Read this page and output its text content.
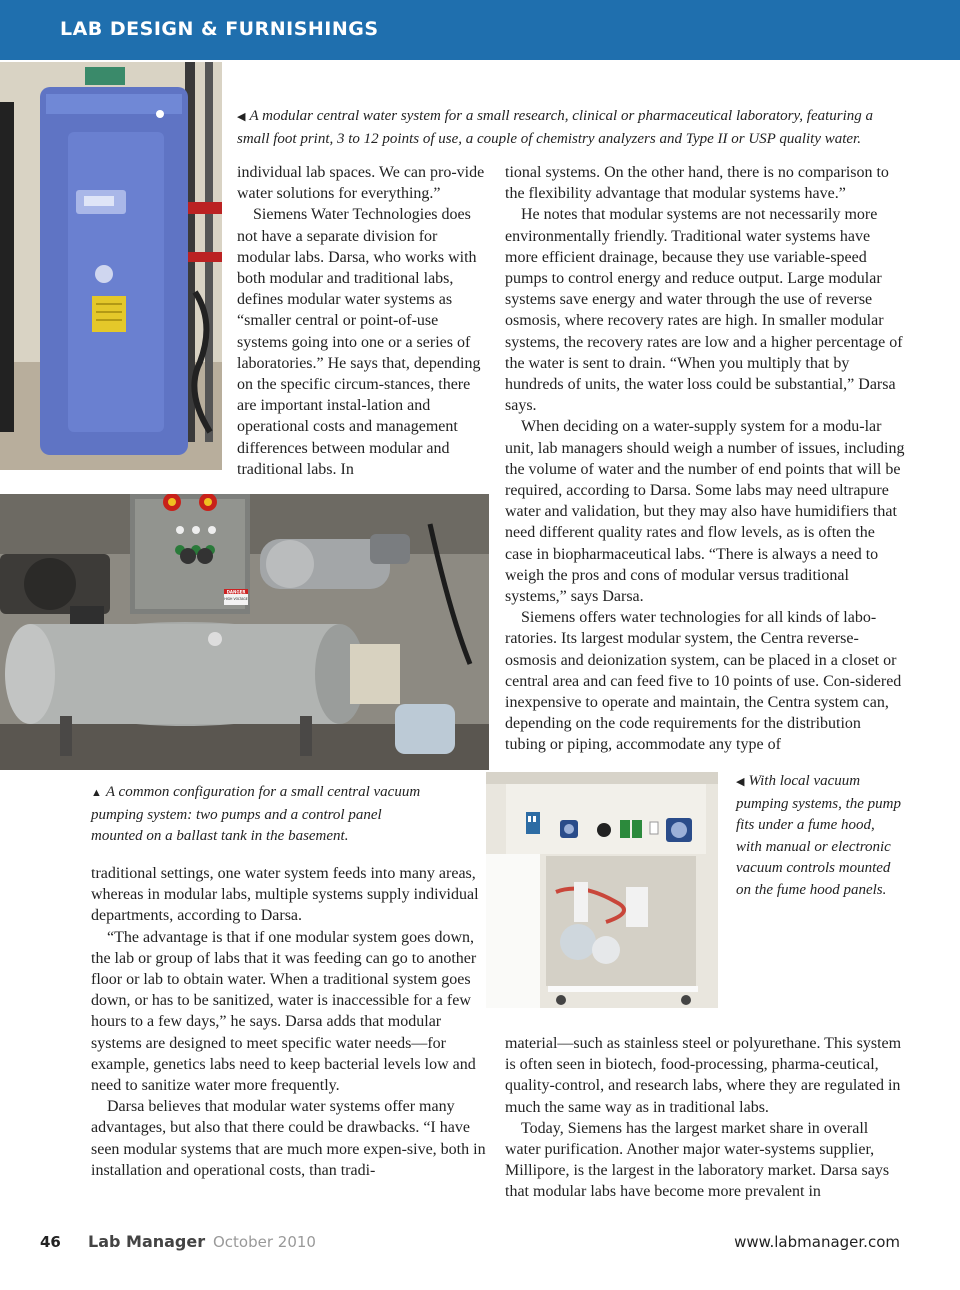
LAB DESIGN & FURNISHINGS
◀ A modular central water system for a small research, clinical or pharmaceutical laboratory, featuring a small foot print, 3 to 12 points of use, a couple of chemistry analyzers and Type II or USP quality water.

individual lab spaces. We can pro-vide water solutions for everything.”

Siemens Water Technologies does not have a separate division for modular labs. Darsa, who works with both modular and traditional labs, defines modular water systems as “smaller central or point-of-use systems going into one or a series of laboratories.” He says that, depending on the specific circum-stances, there are important instal-lation and operational costs and management differences between modular and traditional labs. In

tional systems. On the other hand, there is no comparison to the flexibility advantage that modular systems have.”

He notes that modular systems are not necessarily more environmentally friendly. Traditional water systems have more efficient drainage, because they use variable-speed pumps to control energy and reduce output. Large modular systems save energy and water through the use of reverse osmosis, where recovery rates are high. In smaller modular systems, the recovery rates are low and a higher percentage of the water is sent to drain. “When you multiply that by hundreds of units, the water loss could be substantial,” Darsa says.

When deciding on a water-supply system for a modu-lar unit, lab managers should weigh a number of issues, including the volume of water and the number of end points that will be required, according to Darsa. Some labs may need ultrapure water and validation, but they may also have humidifiers that need different quality rates and flow levels, as is often the case in biopharmaceutical labs. “There is always a need to weigh the pros and cons of modular versus traditional systems,” says Darsa.

Siemens offers water technologies for all kinds of labo-ratories. Its largest modular system, the Centra reverse-osmosis and deionization system, can be placed in a closet or central area and can feed five to 10 points of use. Con-sidered inexpensive to operate and maintain, the Centra system can, depending on the code requirements for the distribution tubing or piping, accommodate any type of

DANGER
HIGH VOLTAGE
▲ A common configuration for a small central vacuum pumping system: two pumps and a control panel mounted on a ballast tank in the basement.

traditional settings, one water system feeds into many areas, whereas in modular labs, multiple systems supply individual departments, according to Darsa.

“The advantage is that if one modular system goes down, the lab or group of labs that it was feeding can go to another floor or lab to obtain water. When a traditional system goes down, or has to be sanitized, water is inaccessible for a few hours to a few days,” he says. Darsa adds that modular systems are designed to meet specific water needs—for example, genetics labs need to keep bacterial levels low and need to sanitize water more frequently.

Darsa believes that modular water systems offer many advantages, but also that there could be drawbacks. “I have seen modular systems that are much more expen-sive, both in installation and operational costs, than tradi-

◀ With local vacuum pumping systems, the pump fits under a fume hood, with manual or electronic vacuum controls mounted on the fume hood panels.

material—such as stainless steel or polyurethane. This system is often seen in biotech, food-processing, pharma-ceutical, quality-control, and research labs, where they are regulated in much the same way as in traditional labs.

Today, Siemens has the largest market share in overall water purification. Another major water-systems supplier, Millipore, is the largest in the laboratory market. Darsa says that modular labs have become more prevalent in

46 Lab Manager October 2010	www.labmanager.com
